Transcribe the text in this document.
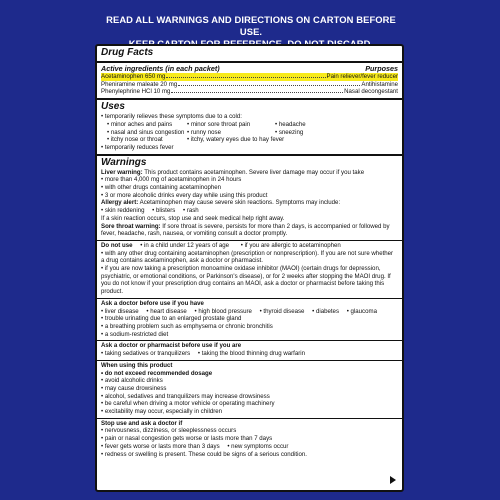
READ ALL WARNINGS AND DIRECTIONS ON CARTON BEFORE USE.
Drug Facts
Active ingredients (in each packet)	Purposes
Acetaminophen 650 mg	Pain reliever/fever reducer
Pheniramine maleate 20 mg	Antihistamine
Phenylephrine HCl 10 mg	Nasal decongestant
Uses
• temporarily relieves these symptoms due to a cold:
• minor aches and pains	• minor sore throat pain	• headache
• nasal and sinus congestion • runny nose	• sneezing
• itchy nose or throat	• itchy, watery eyes due to hay fever
• temporarily reduces fever
Warnings
Liver warning: This product contains acetaminophen. Severe liver damage may occur if you take
• more than 4,000 mg of acetaminophen in 24 hours
• with other drugs containing acetaminophen
• 3 or more alcoholic drinks every day while using this product
Allergy alert: Acetaminophen may cause severe skin reactions. Symptoms may include:
• skin reddening • blisters • rash
If a skin reaction occurs, stop use and seek medical help right away.
Sore throat warning: If sore throat is severe, persists for more than 2 days, is accompanied or followed by fever, headache, rash, nausea, or vomiting consult a doctor promptly.
Do not use • in a child under 12 years of age • if you are allergic to acetaminophen
• with any other drug containing acetaminophen (prescription or nonprescription). If you are not sure whether a drug contains acetaminophen, ask a doctor or pharmacist.
• if you are now taking a prescription monoamine oxidase inhibitor (MAOI) (certain drugs for depression, psychiatric, or emotional conditions, or Parkinson's disease), or for 2 weeks after stopping the MAOI drug. If you do not know if your prescription drug contains an MAOI, ask a doctor or pharmacist before taking this product.
Ask a doctor before use if you have
• liver disease • heart disease • high blood pressure • thyroid disease • diabetes • glaucoma
• trouble urinating due to an enlarged prostate gland
• a breathing problem such as emphysema or chronic bronchitis
• a sodium-restricted diet
Ask a doctor or pharmacist before use if you are
• taking sedatives or tranquilizers • taking the blood thinning drug warfarin
When using this product
• do not exceed recommended dosage
• avoid alcoholic drinks
• may cause drowsiness
• alcohol, sedatives and tranquilizers may increase drowsiness
• be careful when driving a motor vehicle or operating machinery
• excitability may occur, especially in children
Stop use and ask a doctor if
• nervousness, dizziness, or sleeplessness occurs
• pain or nasal congestion gets worse or lasts more than 7 days
• fever gets worse or lasts more than 3 days • new symptoms occur
• redness or swelling is present. These could be signs of a serious condition.
